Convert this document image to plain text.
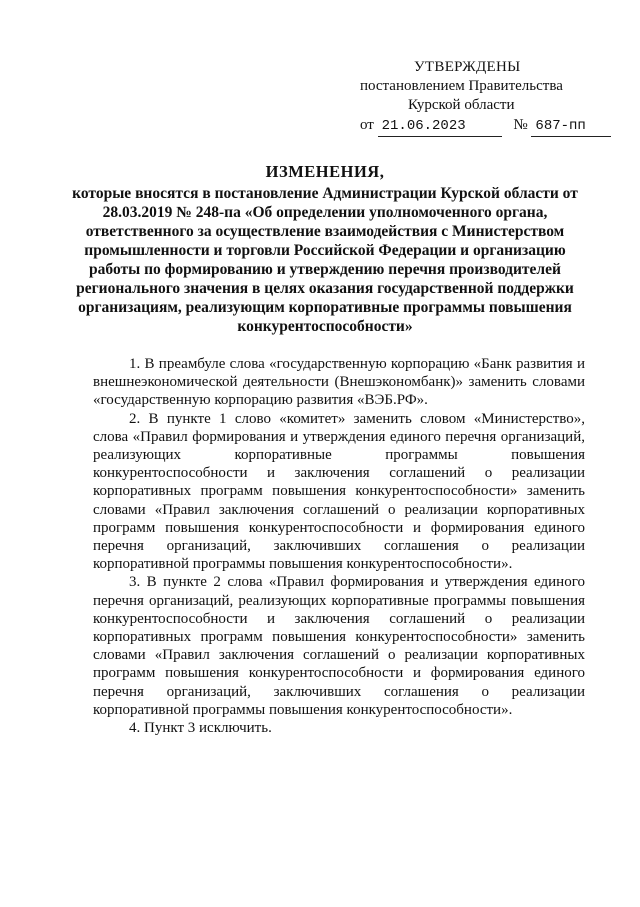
УТВЕРЖДЕНЫ
постановлением Правительства
Курской области
от 21.06.2023	№ 687-пп
ИЗМЕНЕНИЯ,
которые вносятся в постановление Администрации Курской области от 28.03.2019 № 248-па «Об определении уполномоченного органа, ответственного за осуществление взаимодействия с Министерством промышленности и торговли Российской Федерации и организацию работы по формированию и утверждению перечня производителей регионального значения в целях оказания государственной поддержки организациям, реализующим корпоративные программы повышения конкурентоспособности»

1. В преамбуле слова «государственную корпорацию «Банк развития и внешнеэкономической деятельности (Внешэкономбанк)» заменить словами «государственную корпорацию развития «ВЭБ.РФ».

2. В пункте 1 слово «комитет» заменить словом «Министерство», слова «Правил формирования и утверждения единого перечня организаций, реализующих корпоративные программы повышения конкурентоспособности и заключения соглашений о реализации корпоративных программ повышения конкурентоспособности» заменить словами «Правил заключения соглашений о реализации корпоративных программ повышения конкурентоспособности и формирования единого перечня организаций, заключивших соглашения о реализации корпоративной программы повышения конкурентоспособности».

3. В пункте 2 слова «Правил формирования и утверждения единого перечня организаций, реализующих корпоративные программы повышения конкурентоспособности и заключения соглашений о реализации корпоративных программ повышения конкурентоспособности» заменить словами «Правил заключения соглашений о реализации корпоративных программ повышения конкурентоспособности и формирования единого перечня организаций, заключивших соглашения о реализации корпоративной программы повышения конкурентоспособности».

4. Пункт 3 исключить.
